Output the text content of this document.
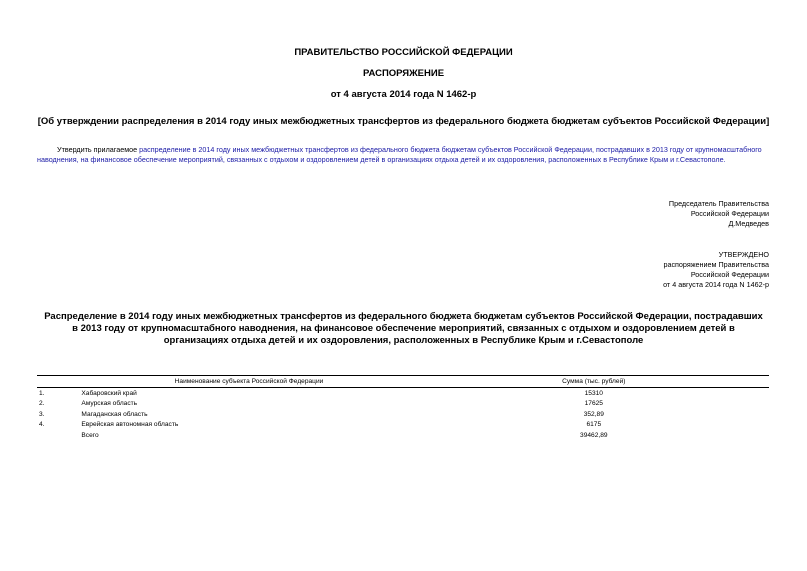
ПРАВИТЕЛЬСТВО РОССИЙСКОЙ ФЕДЕРАЦИИ
РАСПОРЯЖЕНИЕ
от 4 августа 2014 года N 1462-р
[Об утверждении распределения в 2014 году иных межбюджетных трансфертов из федерального бюджета бюджетам субъектов Российской Федерации]
Утвердить прилагаемое распределение в 2014 году иных межбюджетных трансфертов из федерального бюджета бюджетам субъектов Российской Федерации, пострадавших в 2013 году от крупномасштабного наводнения, на финансовое обеспечение мероприятий, связанных с отдыхом и оздоровлением детей в организациях отдыха детей и их оздоровления, расположенных в Республике Крым и г.Севастополе.
Председатель Правительства
Российской Федерации
Д.Медведев
УТВЕРЖДЕНО
распоряжением Правительства
Российской Федерации
от 4 августа 2014 года N 1462-р
Распределение в 2014 году иных межбюджетных трансфертов из федерального бюджета бюджетам субъектов Российской Федерации, пострадавших в 2013 году от крупномасштабного наводнения, на финансовое обеспечение мероприятий, связанных с отдыхом и оздоровлением детей в организациях отдыха детей и их оздоровления, расположенных в Республике Крым и г.Севастополе
	Наименование субъекта Российской Федерации	Сумма (тыс. рублей)
1.	Хабаровский край	15310
2.	Амурская область	17625
3.	Магаданская область	352,89
4.	Еврейская автономная область	6175
	Всего	39462,89
